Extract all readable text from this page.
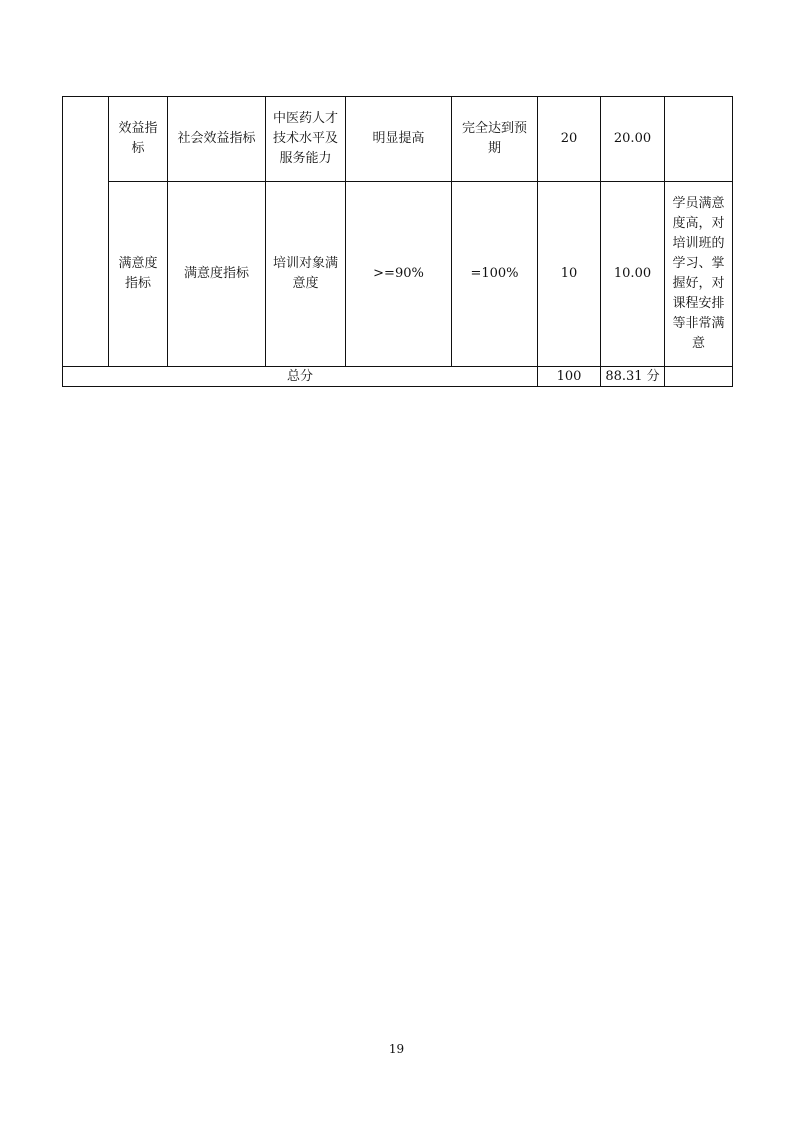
	效益指标	社会效益指标	中医药人才技术水平及服务能力	明显提高	完全达到预期	20	20.00	
	满意度指标	满意度指标	培训对象满意度	>=90%	=100%	10	10.00	学员满意度高，对培训班的学习、掌握好，对课程安排等非常满意
总分						100	88.31 分	
19
